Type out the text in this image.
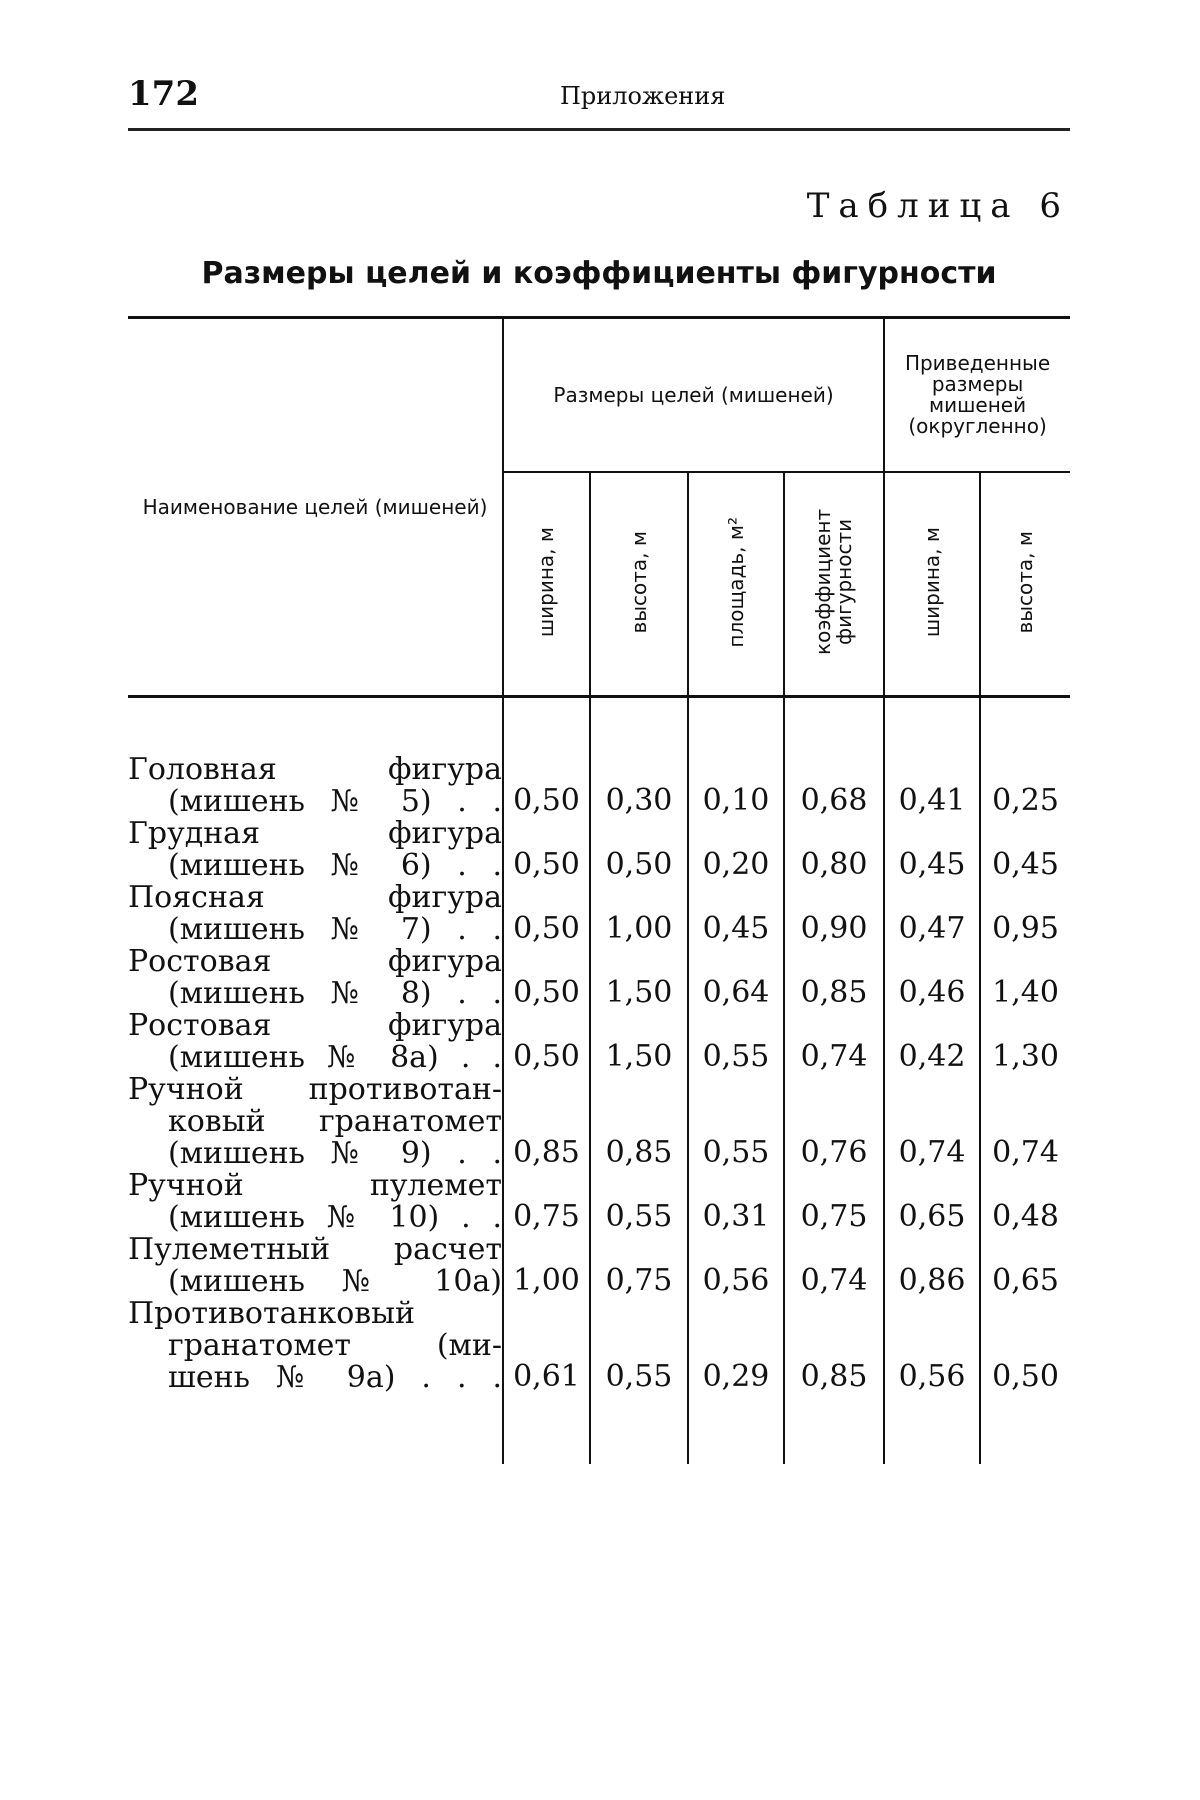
172	Приложения
Таблица 6
Размеры целей и коэффициенты фигурности
Наименование целей (мишеней)	Размеры целей (мишеней)				Приведенные размеры мишеней (округленно)	
	ширина, м	высота, м	площадь, м²	коэффициент фигурности	ширина, м	высота, м

Головная фигура
(мишень № 5) . .	0,50	0,30	0,10	0,68	0,41	0,25
Грудная фигура
(мишень № 6) . .	0,50	0,50	0,20	0,80	0,45	0,45
Поясная фигура
(мишень № 7) . .	0,50	1,00	0,45	0,90	0,47	0,95
Ростовая фигура
(мишень № 8) . .	0,50	1,50	0,64	0,85	0,46	1,40
Ростовая фигура
(мишень № 8а) . .	0,50	1,50	0,55	0,74	0,42	1,30
Ручной противотан-
ковый гранатомет
(мишень № 9) . .	0,85	0,85	0,55	0,76	0,74	0,74
Ручной пулемет
(мишень № 10) . .	0,75	0,55	0,31	0,75	0,65	0,48
Пулеметный расчет
(мишень № 10а)	1,00	0,75	0,56	0,74	0,86	0,65
Противотанковый
гранатомет (ми-
шень № 9а) . . .	0,61	0,55	0,29	0,85	0,56	0,50
